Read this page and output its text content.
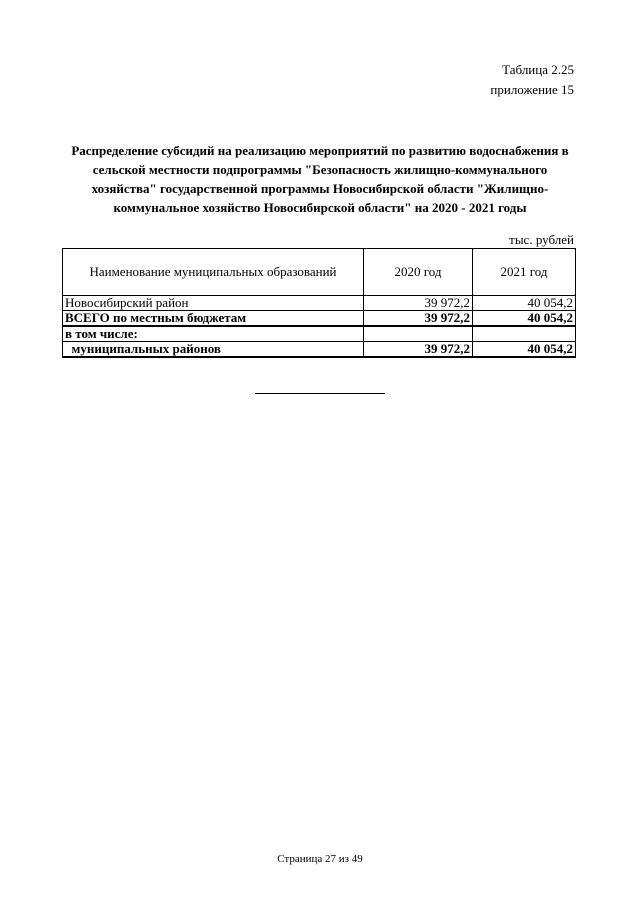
Таблица 2.25
приложение 15
Распределение субсидий на реализацию мероприятий по развитию водоснабжения в
сельской местности подпрограммы "Безопасность жилищно-коммунального
хозяйства" государственной программы Новосибирской области "Жилищно-
коммунальное хозяйство Новосибирской области" на 2020 - 2021 годы
тыс. рублей
Наименование муниципальных образований	2020 год	2021 год
Новосибирский район	39 972,2	40 054,2
ВСЕГО по местным бюджетам	39 972,2	40 054,2
в том числе:		
муниципальных районов	39 972,2	40 054,2
Страница 27 из 49
